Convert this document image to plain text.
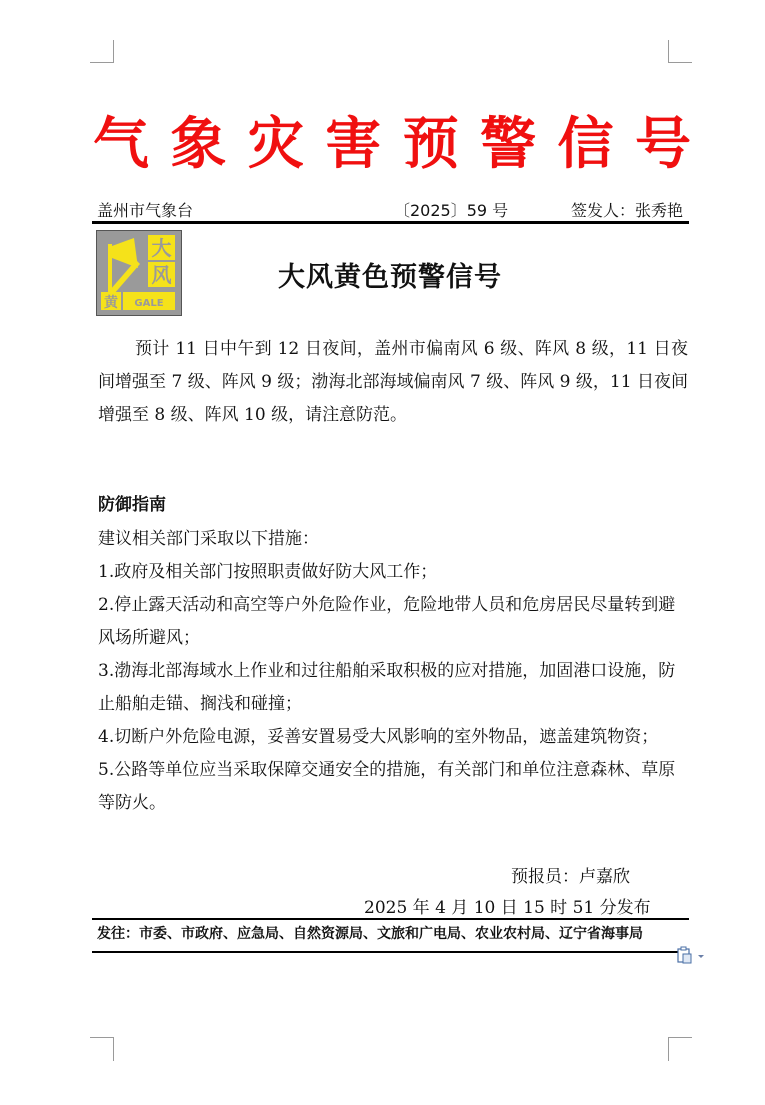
气 象 灾 害 预 警 信 号
盖州市气象台	〔2025〕59 号	签发人：张秀艳
大
风
黄 GALE
大风黄色预警信号
预计 11 日中午到 12 日夜间，盖州市偏南风 6 级、阵风 8 级，11 日夜间增强至 7 级、阵风 9 级；渤海北部海域偏南风 7 级、阵风 9 级，11 日夜间增强至 8 级、阵风 10 级，请注意防范。
防御指南
建议相关部门采取以下措施：
1.政府及相关部门按照职责做好防大风工作；
2.停止露天活动和高空等户外危险作业，危险地带人员和危房居民尽量转到避风场所避风；
3.渤海北部海域水上作业和过往船舶采取积极的应对措施，加固港口设施，防止船舶走锚、搁浅和碰撞；
4.切断户外危险电源，妥善安置易受大风影响的室外物品，遮盖建筑物资；
5.公路等单位应当采取保障交通安全的措施，有关部门和单位注意森林、草原等防火。
预报员：卢嘉欣
2025 年 4 月 10 日 15 时 51 分发布
发往：市委、市政府、应急局、自然资源局、文旅和广电局、农业农村局、辽宁省海事局
